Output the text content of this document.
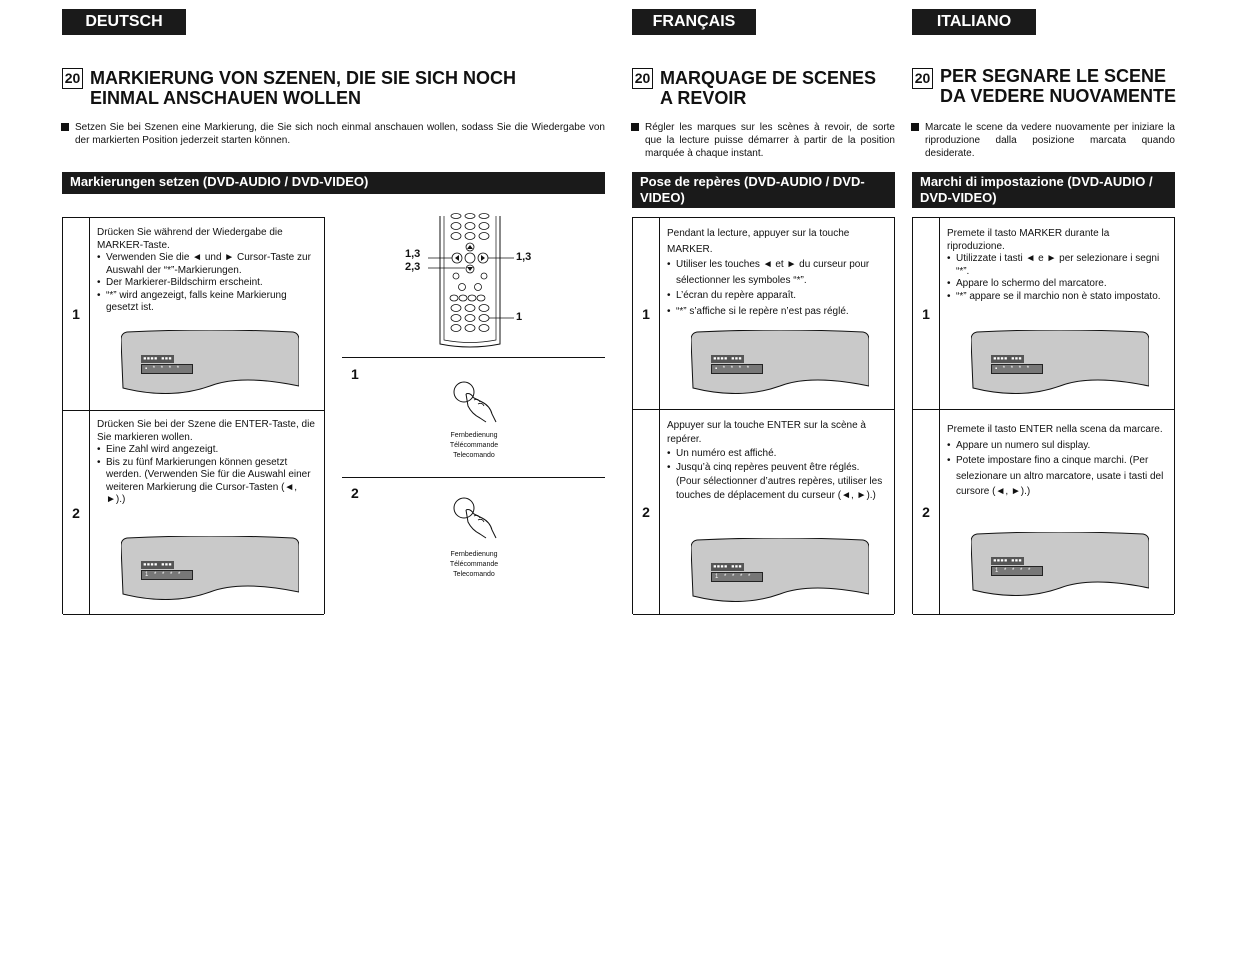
DEUTSCH
20 MARKIERUNG VON SZENEN, DIE SIE SICH NOCH
EINMAL ANSCHAUEN WOLLEN
Setzen Sie bei Szenen eine Markierung, die Sie sich noch einmal anschauen wollen, sodass Sie die Wiedergabe von der markierten Position jederzeit starten können.
Markierungen setzen (DVD-AUDIO / DVD-VIDEO)
1

Drücken Sie während der Wiedergabe die MARKER-Taste.

• Verwenden Sie die ◄ und ► Cursor-Taste zur Auswahl der “*”-Markierungen.
• Der Markierer-Bildschirm erscheint.
• “*” wird angezeigt, falls keine Markierung gesetzt ist.
▪▪▪▪ ▪▪▪
▪ * * * *
2

Drücken Sie bei der Szene die ENTER-Taste, die Sie markieren wollen.

• Eine Zahl wird angezeigt.
• Bis zu fünf Markierungen können gesetzt werden. (Verwenden Sie für die Auswahl einer weiteren Markierung die Cursor-Tasten (◄, ►).)
▪▪▪▪ ▪▪▪
1 * * * *
1,3
2,3
1,3
1
1
Fernbedienung
Télécommande
Telecomando
2
Fernbedienung
Télécommande
Telecomando
FRANÇAIS
20 MARQUAGE DE SCENES
A REVOIR
Régler les marques sur les scènes à revoir, de sorte que la lecture puisse démarrer à partir de la position marquée à chaque instant.
Pose de repères (DVD-AUDIO / DVD-VIDEO)
1

Pendant la lecture, appuyer sur la touche MARKER.

• Utiliser les touches ◄ et ► du curseur pour sélectionner les symboles “*”.
• L’écran du repère apparaît.
• “*” s’affiche si le repère n’est pas réglé.
▪▪▪▪ ▪▪▪
▪ * * * *
2

Appuyer sur la touche ENTER sur la scène à repérer.

• Un numéro est affiché.
• Jusqu’à cinq repères peuvent être réglés. (Pour sélectionner d’autres repères, utiliser les touches de déplacement du curseur (◄, ►).)
▪▪▪▪ ▪▪▪
1 * * * *
ITALIANO
20 PER SEGNARE LE SCENE
DA VEDERE NUOVAMENTE
Marcate le scene da vedere nuovamente per iniziare la riproduzione dalla posizione marcata quando desiderate.
Marchi di impostazione (DVD-AUDIO / DVD-VIDEO)
1

Premete il tasto MARKER durante la riproduzione.

• Utilizzate i tasti ◄ e ► per selezionare i segni “*”.
• Appare lo schermo del marcatore.
• “*” appare se il marchio non è stato impostato.
▪▪▪▪ ▪▪▪
▪ * * * *
2

Premete il tasto ENTER nella scena da marcare.

• Appare un numero sul display.
• Potete impostare fino a cinque marchi. (Per selezionare un altro marcatore, usate i tasti del cursore (◄, ►).)
▪▪▪▪ ▪▪▪
1 * * * *
